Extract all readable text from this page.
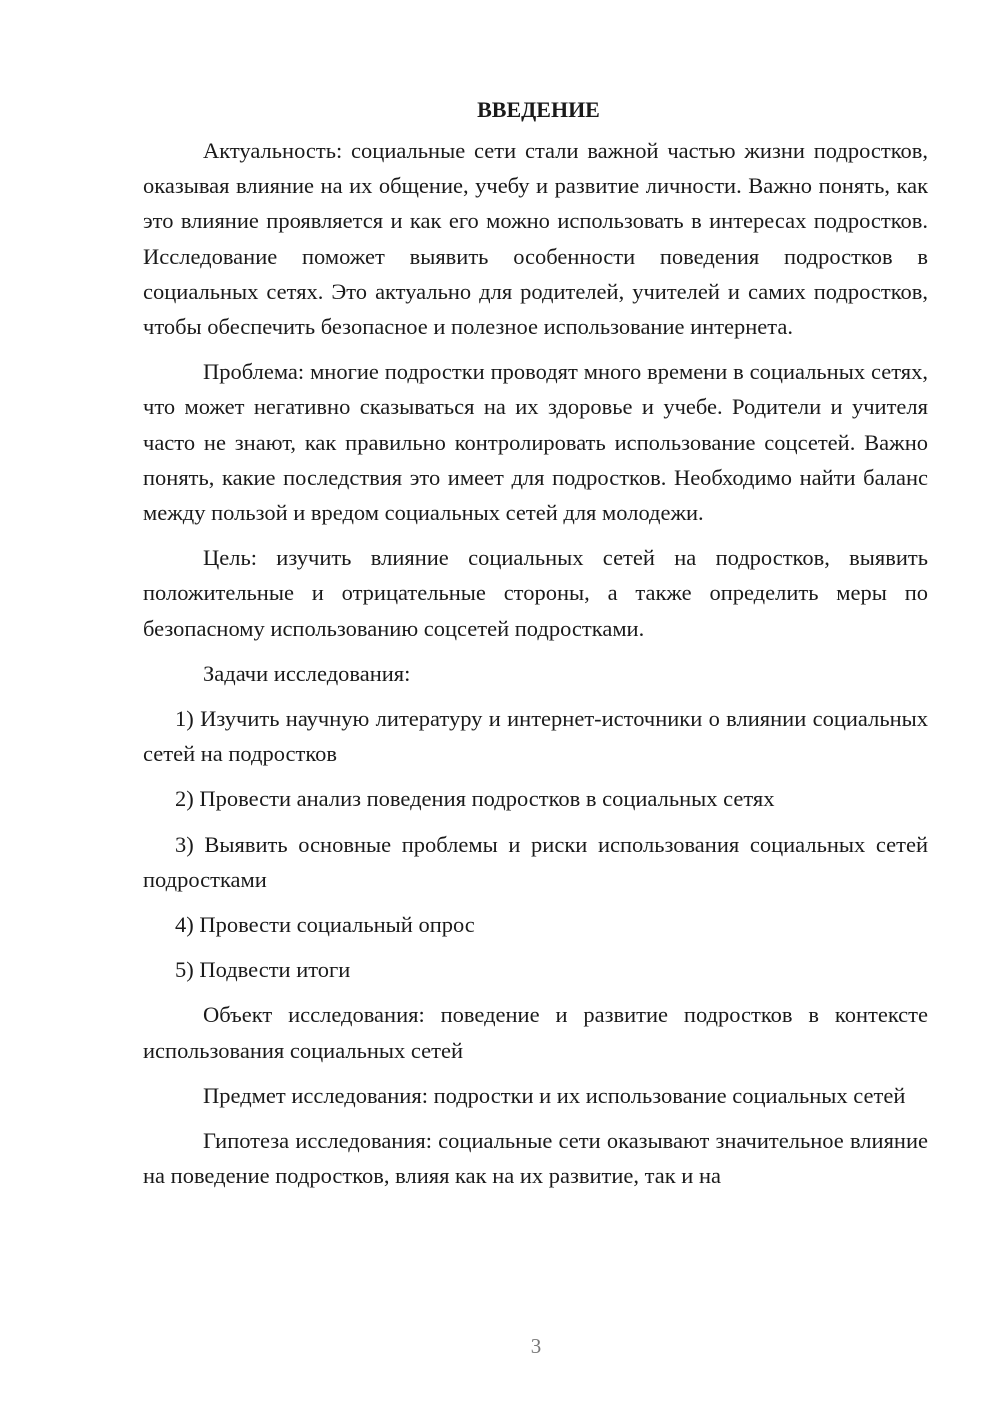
ВВЕДЕНИЕ

Актуальность: социальные сети стали важной частью жизни подростков, оказывая влияние на их общение, учебу и развитие личности. Важно понять, как это влияние проявляется и как его можно использовать в интересах подростков. Исследование поможет выявить особенности поведения подростков в социальных сетях. Это актуально для родителей, учителей и самих подростков, чтобы обеспечить безопасное и полезное использование интернета.

Проблема: многие подростки проводят много времени в социальных сетях, что может негативно сказываться на их здоровье и учебе. Родители и учителя часто не знают, как правильно контролировать использование соцсетей. Важно понять, какие последствия это имеет для подростков. Необходимо найти баланс между пользой и вредом социальных сетей для молодежи.

Цель: изучить влияние социальных сетей на подростков, выявить положительные и отрицательные стороны, а также определить меры по безопасному использованию соцсетей подростками.

Задачи исследования:

1) Изучить научную литературу и интернет-источники о влиянии социальных сетей на подростков

2) Провести анализ поведения подростков в социальных сетях

3) Выявить основные проблемы и риски использования социальных сетей подростками

4) Провести социальный опрос

5) Подвести итоги

Объект исследования: поведение и развитие подростков в контексте использования социальных сетей

Предмет исследования: подростки и их использование социальных сетей

Гипотеза исследования: социальные сети оказывают значительное влияние на поведение подростков, влияя как на их развитие, так и на

3
